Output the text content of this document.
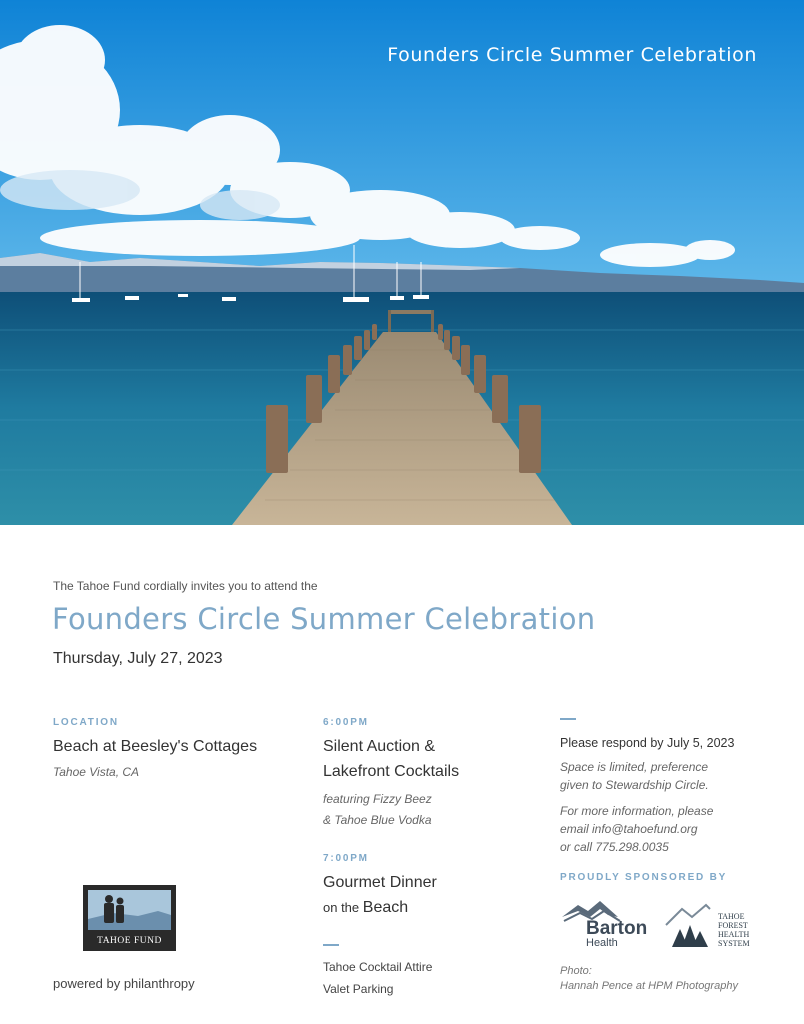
Founders Circle Summer Celebration
The Tahoe Fund cordially invites you to attend the
Founders Circle Summer Celebration
Thursday, July 27, 2023
LOCATION
Beach at Beesley's Cottages
Tahoe Vista, CA
6:00PM
Silent Auction &
Lakefront Cocktails
featuring Fizzy Beez
& Tahoe Blue Vodka
7:00PM
Gourmet Dinner
on the Beach
Tahoe Cocktail Attire
Valet Parking
Please respond by July 5, 2023
Space is limited, preference
given to Stewardship Circle.
For more information, please
email info@tahoefund.org
or call 775.298.0035
PROUDLY SPONSORED BY
Barton
Health
TAHOE
FOREST
HEALTH
SYSTEM
Photo:
Hannah Pence at HPM Photography
TAHOE FUND
powered by philanthropy
